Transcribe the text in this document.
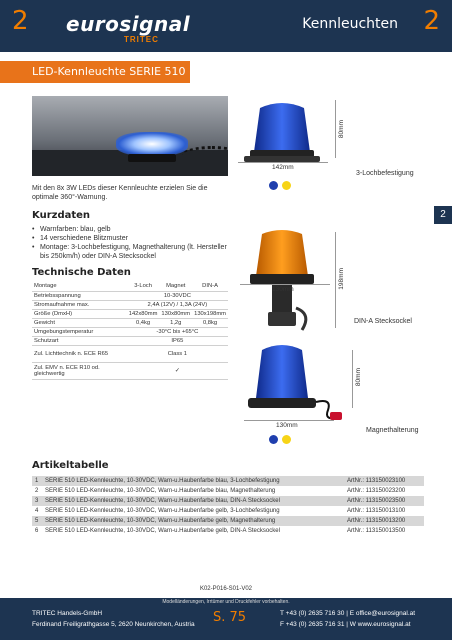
2 eurosignal
TRITEC
Kennleuchten 2
LED-Kennleuchte SERIE 510
80mm
142mm
3-Lochbefestigung
198mm
130mm
DIN-A Stecksockel
80mm
130mm
Magnethalterung
2
Mit den 8x 3W LEDs dieser Kennleuchte erzielen Sie die optimale 360°-Warnung.
Kurzdaten
• Warnfarben: blau, gelb
• 14 verschiedene Blitzmuster
• Montage: 3-Lochbefestigung, Magnethalterung (lt. Hersteller bis 250km/h) oder DIN-A Stecksockel
Technische Daten
Montage	3-Loch	Magnet	DIN-A
Betriebsspannung	10-30VDC		
Stromaufnahme max.	2,4A (12V) / 1,3A (24V)		
Größe (DmxH)	142x80mm	130x80mm	130x198mm
Gewicht	0,4kg	1,2g	0,8kg
Umgebungstemperatur	-30°C bis +65°C		
Schutzart	IP65		
Zul. Lichttechnik n. ECE R65	Class 1		
Zul. EMV n. ECE R10 od. gleichwertig	✓		
Artikeltabelle
1	SERIE 510 LED-Kennleuchte, 10-30VDC, Warn-u.Haubenfarbe blau, 3-Lochbefestigung	ArtNr.: 113150023100
2	SERIE 510 LED-Kennleuchte, 10-30VDC, Warn-u.Haubenfarbe blau, Magnethalterung	ArtNr.: 113150023200
3	SERIE 510 LED-Kennleuchte, 10-30VDC, Warn-u.Haubenfarbe blau, DIN-A Stecksockel	ArtNr.: 113150023500
4	SERIE 510 LED-Kennleuchte, 10-30VDC, Warn-u.Haubenfarbe gelb, 3-Lochbefestigung	ArtNr.: 113150013100
5	SERIE 510 LED-Kennleuchte, 10-30VDC, Warn-u.Haubenfarbe gelb, Magnethalterung	ArtNr.: 113150013200
6	SERIE 510 LED-Kennleuchte, 10-30VDC, Warn-u.Haubenfarbe gelb, DIN-A Stecksockel	ArtNr.: 113150013500
K02-P016-S01-V02
Modelländerungen, Irrtümer und Druckfehler vorbehalten.
TRITEC Handels-GmbH
Ferdinand Freiligrathgasse 5, 2620 Neunkirchen, Austria S. 75	T +43 (0) 2635 716 30 | E office@eurosignal.at
F +43 (0) 2635 716 31 | W www.eurosignal.at
